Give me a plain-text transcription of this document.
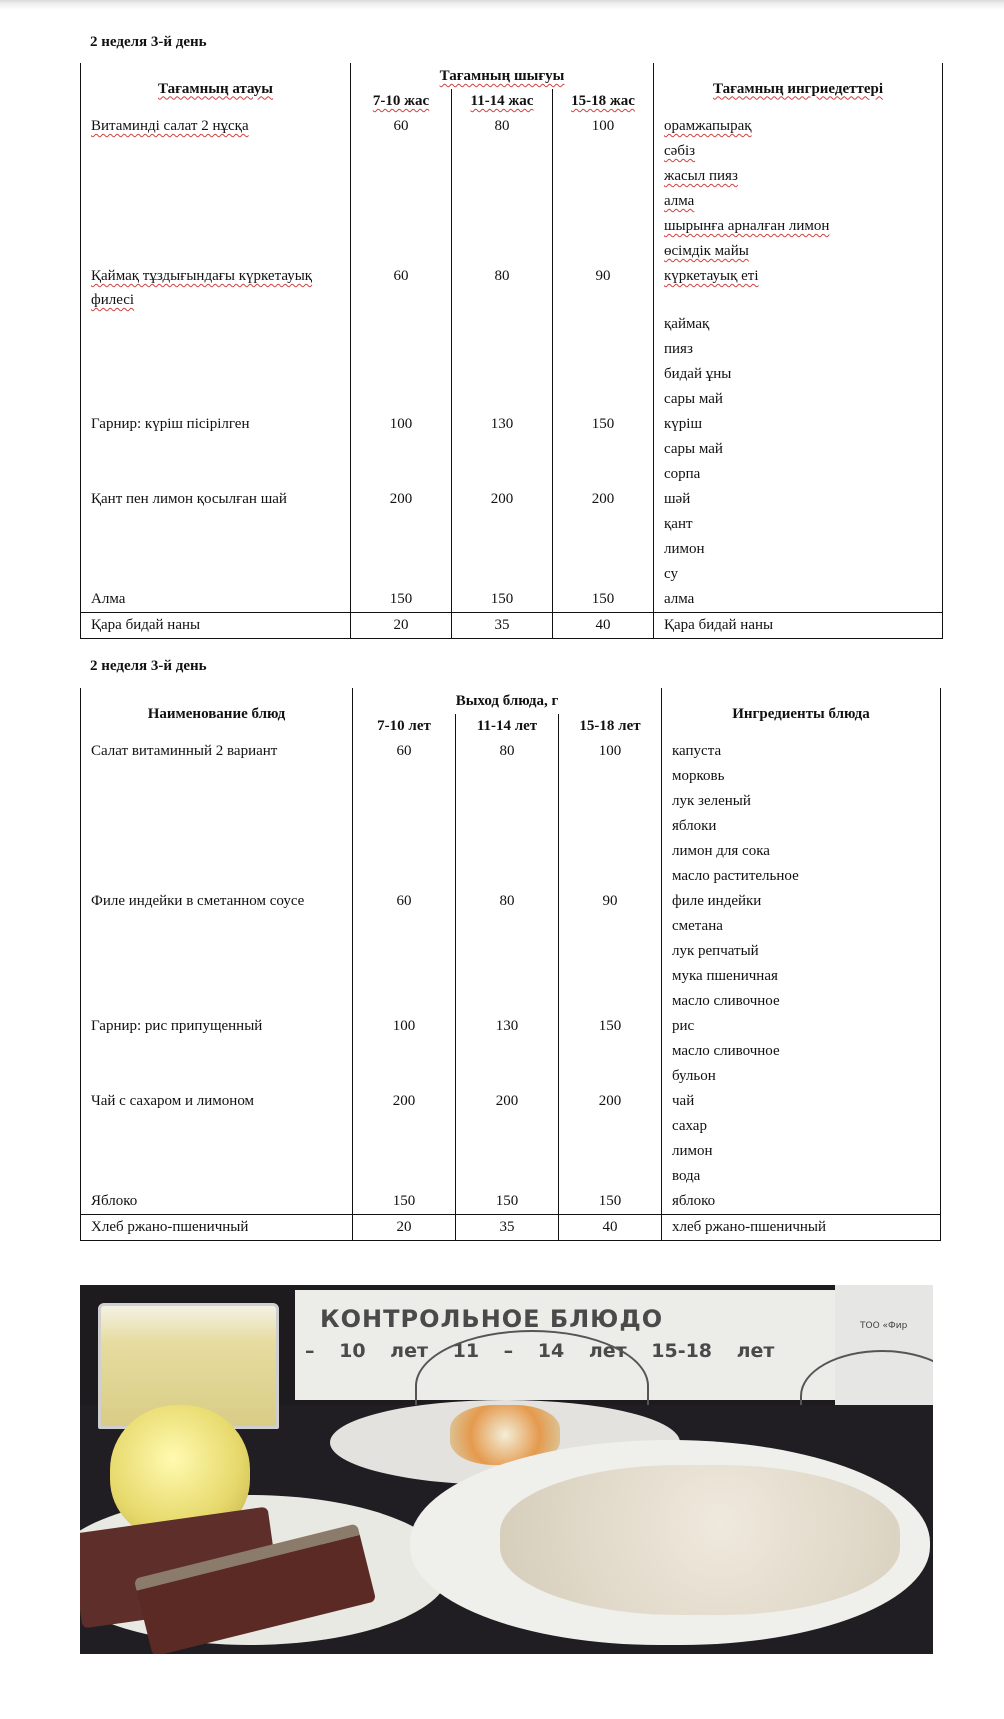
2 неделя 3-й день
Тағамның атауы	Тағамның шығуы			Тағамның ингриедеттері
	7-10 жас	11-14 жас	15-18 жас	
Витаминді салат 2 нұсқа	60	80	100	орамжапырақ
				сәбіз
				жасыл пияз
				алма
				шырынға арналған лимон
				өсімдік майы
Қаймақ тұздығындағы күркетауық филесі	60	80	90	күркетауық еті
				қаймақ
				пияз
				бидай ұны
				сары май
Гарнир: күріш пісірілген	100	130	150	күріш
				сары май
				сорпа
Қант пен лимон қосылған шай	200	200	200	шәй
				қант
				лимон
				су
Алма	150	150	150	алма
Қара бидай наны	20	35	40	Қара бидай наны
2 неделя 3-й день
Наименование блюд	Выход блюда, г			Ингредиенты блюда
	7-10 лет	11-14 лет	15-18 лет	
Салат витаминный 2 вариант	60	80	100	капуста
				морковь
				лук зеленый
				яблоки
				лимон для сока
				масло растительное
Филе индейки в сметанном соусе	60	80	90	филе индейки
				сметана
				лук репчатый
				мука пшеничная
				масло сливочное
Гарнир: рис припущенный	100	130	150	рис
				масло сливочное
				бульон
Чай с сахаром и лимоном	200	200	200	чай
				сахар
				лимон
				вода
Яблоко	150	150	150	яблоко
Хлеб ржано-пшеничный	20	35	40	хлеб ржано-пшеничный
КОНТРОЛЬНОЕ БЛЮДО
– 10 лет 11 – 14 лет 15-18 лет
ТОО «Фир
